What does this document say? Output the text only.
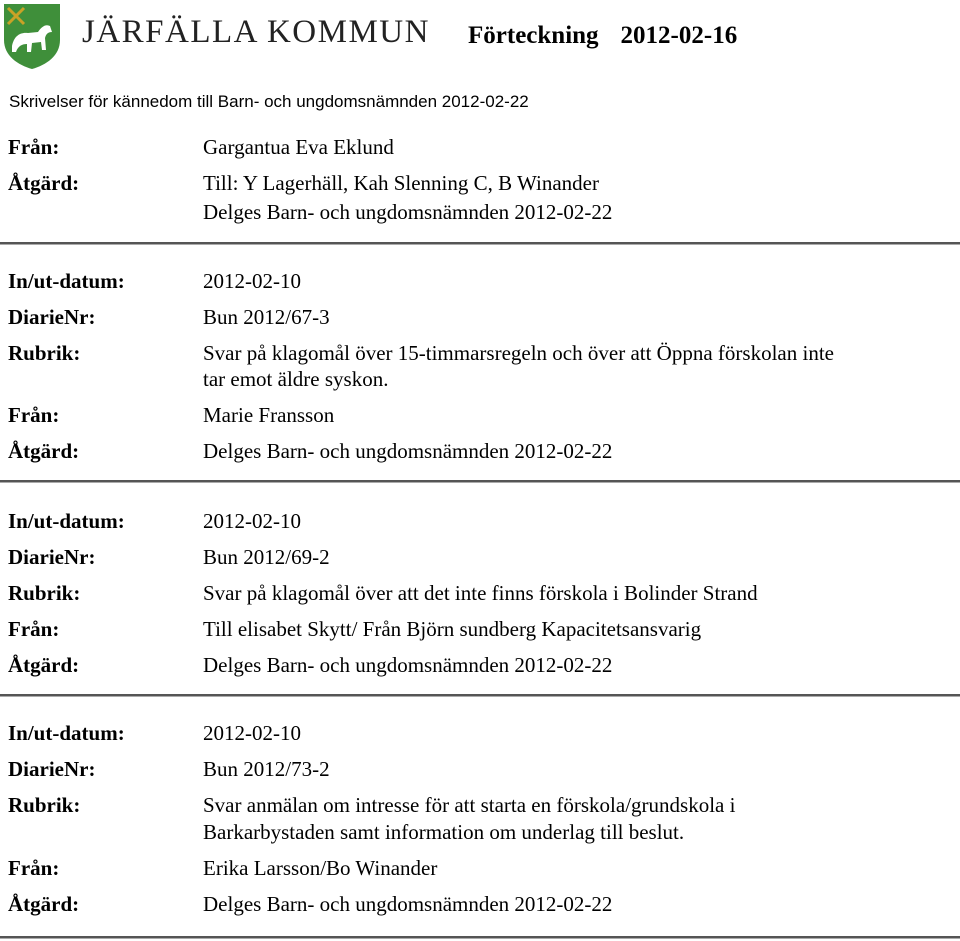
JÄRFÄLLA KOMMUN Förteckning 2012-02-16
Skrivelser för kännedom till Barn- och ungdomsnämnden 2012-02-22
Från:	Gargantua Eva Eklund
Åtgärd:	Till: Y Lagerhäll, Kah Slenning C, B Winander
Delges Barn- och ungdomsnämnden 2012-02-22
In/ut-datum:	2012-02-10
DiarieNr:	Bun 2012/67-3
Rubrik:	Svar på klagomål över 15-timmarsregeln och över att Öppna förskolan inte
tar emot äldre syskon.
Från:	Marie Fransson
Åtgärd:	Delges Barn- och ungdomsnämnden 2012-02-22
In/ut-datum:	2012-02-10
DiarieNr:	Bun 2012/69-2
Rubrik:	Svar på klagomål över att det inte finns förskola i Bolinder Strand
Från:	Till elisabet Skytt/ Från Björn sundberg Kapacitetsansvarig
Åtgärd:	Delges Barn- och ungdomsnämnden 2012-02-22
In/ut-datum:	2012-02-10
DiarieNr:	Bun 2012/73-2
Rubrik:	Svar anmälan om intresse för att starta en förskola/grundskola i
Barkarbystaden samt information om underlag till beslut.
Från:	Erika Larsson/Bo Winander
Åtgärd:	Delges Barn- och ungdomsnämnden 2012-02-22
